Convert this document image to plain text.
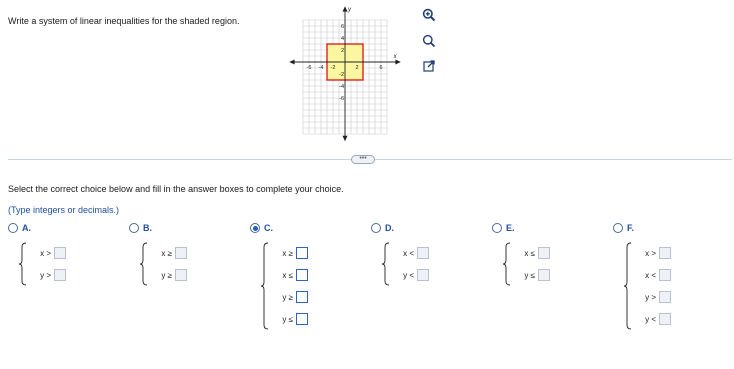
Write a system of linear inequalities for the shaded region.
x
y
-6 -4 -2	2	6
6
4
2
-2
-4
-6
•••
Select the correct choice below and fill in the answer boxes to complete your choice.
(Type integers or decimals.)
A.
x >
y >
B.
x ≥
y ≥
C.
x ≥
x ≤
y ≥
y ≤
D.
x <
y <
E.
x ≤
y ≤
F.
x >
x <
y >
y <
